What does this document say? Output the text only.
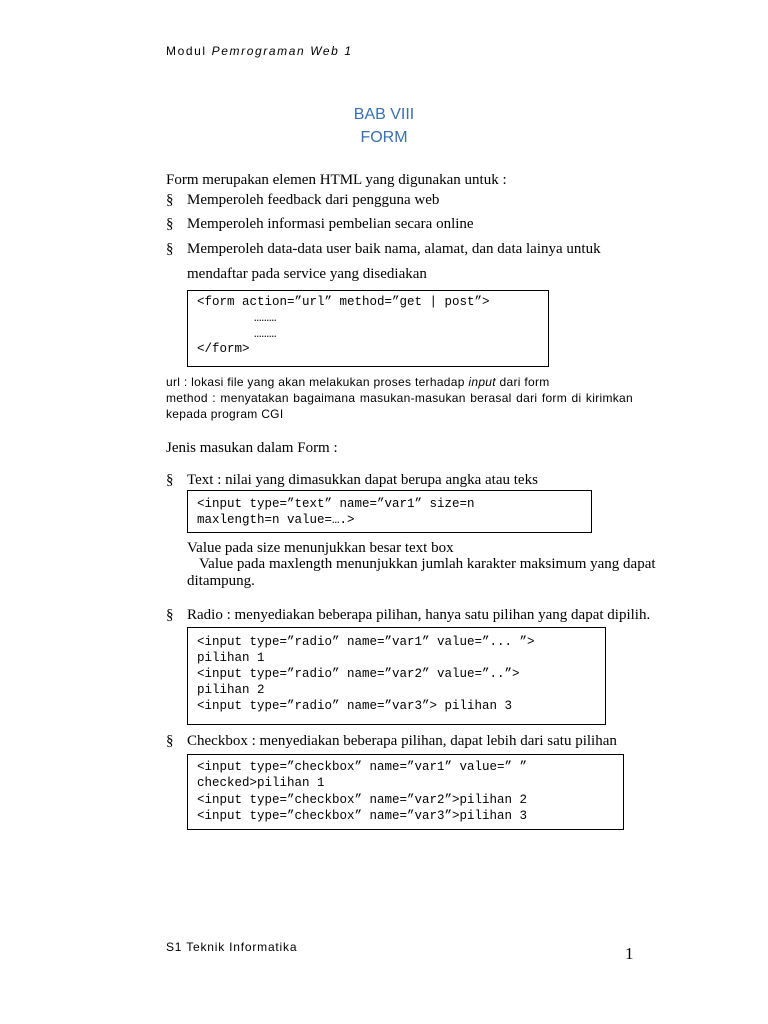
Modul Pemrograman Web 1
BAB VIII
FORM
Form merupakan elemen HTML yang digunakan untuk :
§ Memperoleh feedback dari pengguna web
§ Memperoleh informasi pembelian secara online
§ Memperoleh data-data user baik nama, alamat, dan data lainya untuk
mendaftar pada service yang disediakan
<form action=”url” method=”get | post”>
………
………
</form>
url : lokasi file yang akan melakukan proses terhadap input dari form
method : menyatakan bagaimana masukan-masukan berasal dari form di kirimkan
kepada program CGI
Jenis masukan dalam Form :
§ Text : nilai yang dimasukkan dapat berupa angka atau teks
<input type=”text” name=”var1” size=n
maxlength=n value=….>
Value pada size menunjukkan besar text box
Value pada maxlength menunjukkan jumlah karakter maksimum yang dapat
ditampung.
§ Radio : menyediakan beberapa pilihan, hanya satu pilihan yang dapat dipilih.
<input type=”radio” name=”var1” value=”... ”>
pilihan 1
<input type=”radio” name=”var2” value=”..”>
pilihan 2
<input type=”radio” name=”var3”> pilihan 3
§ Checkbox : menyediakan beberapa pilihan, dapat lebih dari satu pilihan
<input type=”checkbox” name=”var1” value=” ”
checked>pilihan 1
<input type=”checkbox” name=”var2”>pilihan 2
<input type=”checkbox” name=”var3”>pilihan 3
S1 Teknik Informatika	1
